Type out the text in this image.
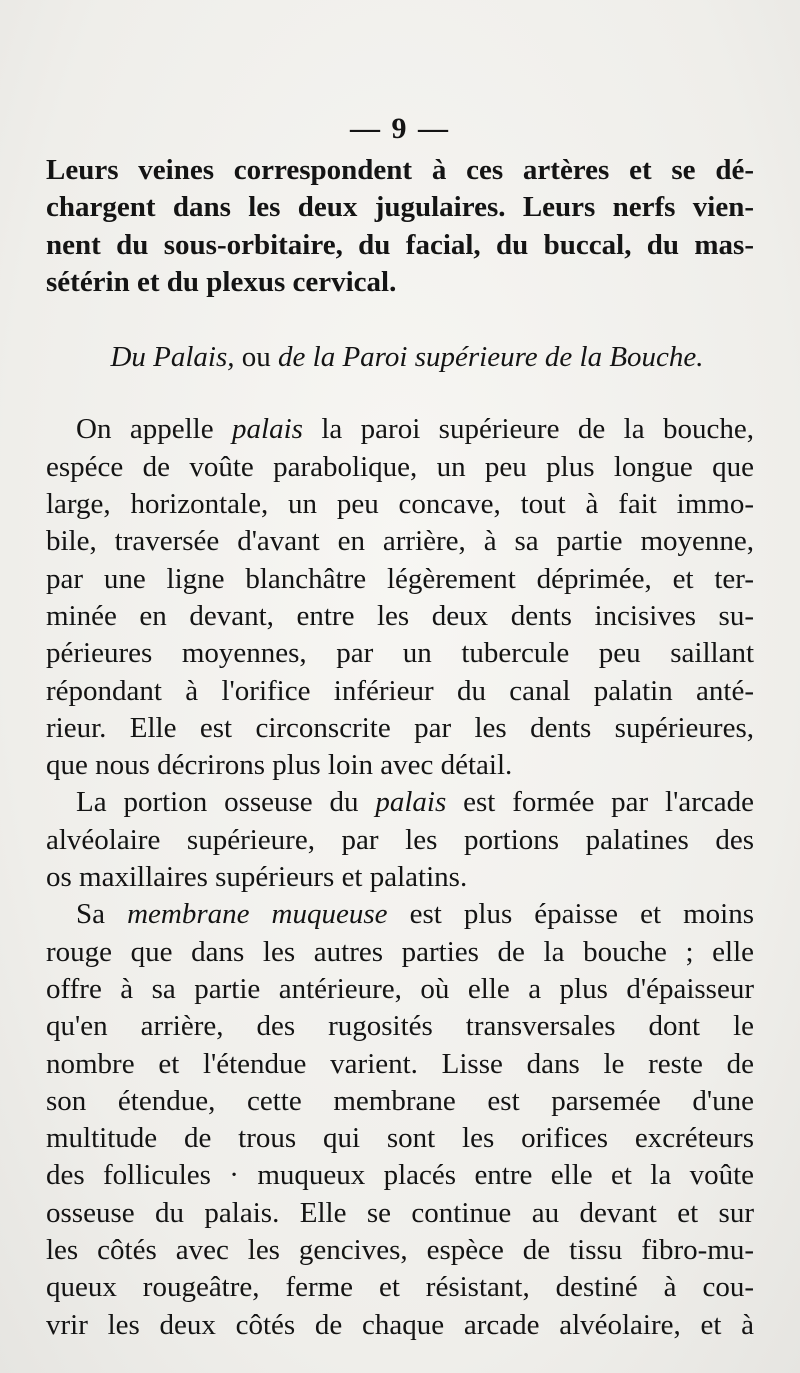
— 9 —
Leurs veines correspondent à ces artères et se dé-
chargent dans les deux jugulaires. Leurs nerfs vien-
nent du sous-orbitaire, du facial, du buccal, du mas-
sétérin et du plexus cervical.
Du Palais, ou de la Paroi supérieure de la Bouche.
On appelle palais la paroi supérieure de la bouche,
espéce de voûte parabolique, un peu plus longue que
large, horizontale, un peu concave, tout à fait immo-
bile, traversée d'avant en arrière, à sa partie moyenne,
par une ligne blanchâtre légèrement déprimée, et ter-
minée en devant, entre les deux dents incisives su-
périeures moyennes, par un tubercule peu saillant
répondant à l'orifice inférieur du canal palatin anté-
rieur. Elle est circonscrite par les dents supérieures,
que nous décrirons plus loin avec détail.
La portion osseuse du palais est formée par l'arcade
alvéolaire supérieure, par les portions palatines des
os maxillaires supérieurs et palatins.
Sa membrane muqueuse est plus épaisse et moins
rouge que dans les autres parties de la bouche ; elle
offre à sa partie antérieure, où elle a plus d'épaisseur
qu'en arrière, des rugosités transversales dont le
nombre et l'étendue varient. Lisse dans le reste de
son étendue, cette membrane est parsemée d'une
multitude de trous qui sont les orifices excréteurs
des follicules · muqueux placés entre elle et la voûte
osseuse du palais. Elle se continue au devant et sur
les côtés avec les gencives, espèce de tissu fibro-mu-
queux rougeâtre, ferme et résistant, destiné à cou-
vrir les deux côtés de chaque arcade alvéolaire, et à
